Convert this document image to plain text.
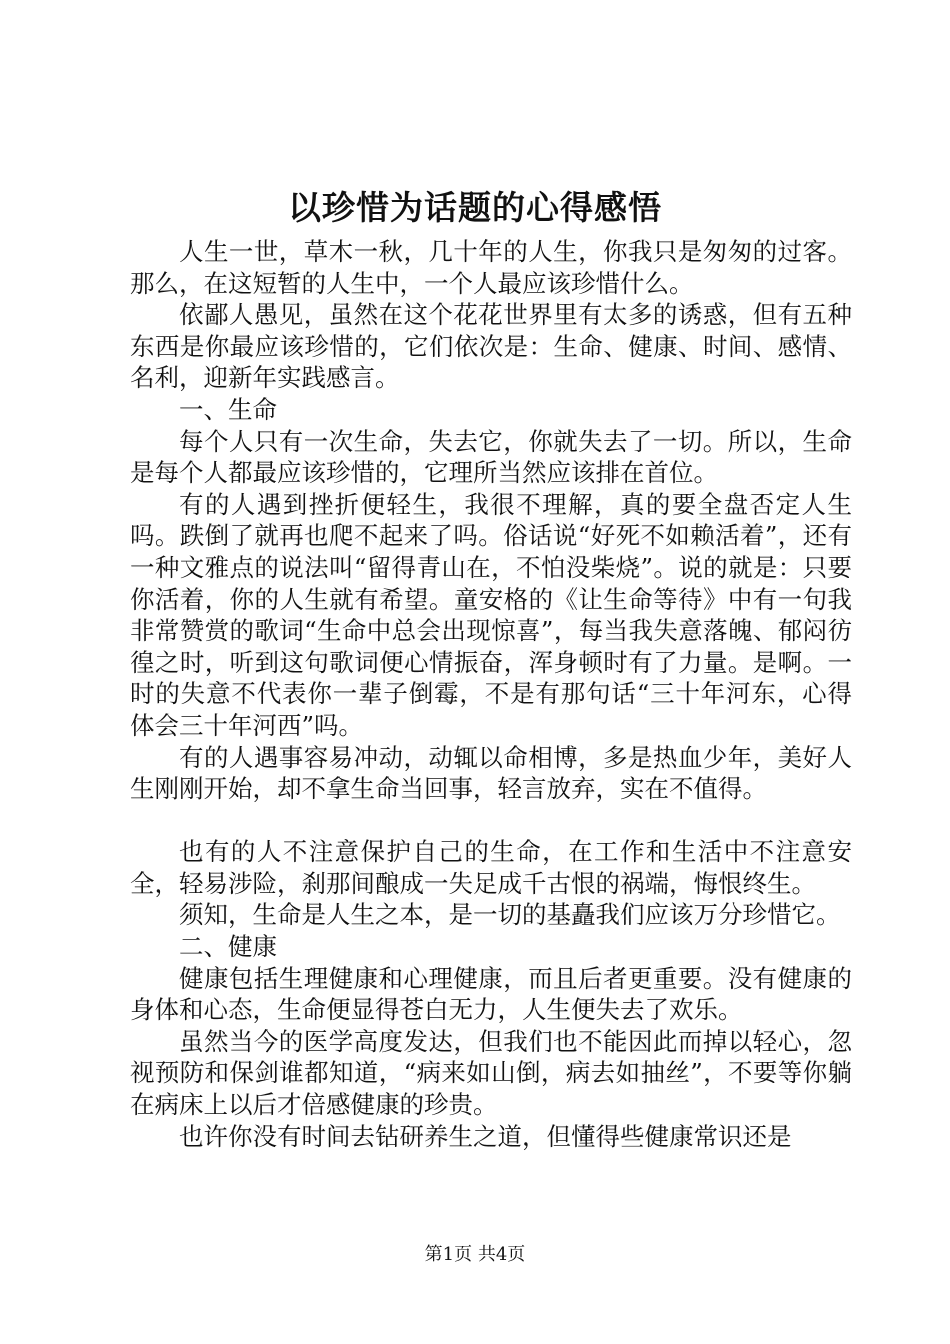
以珍惜为话题的心得感悟

人生一世，草木一秋，几十年的人生，你我只是匆匆的过客。那么，在这短暂的人生中，一个人最应该珍惜什么。

依鄙人愚见，虽然在这个花花世界里有太多的诱惑，但有五种东西是你最应该珍惜的，它们依次是：生命、健康、时间、感情、名利，迎新年实践感言。

一、生命

每个人只有一次生命，失去它，你就失去了一切。所以，生命是每个人都最应该珍惜的，它理所当然应该排在首位。

有的人遇到挫折便轻生，我很不理解，真的要全盘否定人生吗。跌倒了就再也爬不起来了吗。俗话说“好死不如赖活着”，还有一种文雅点的说法叫“留得青山在，不怕没柴烧”。说的就是：只要你活着，你的人生就有希望。童安格的《让生命等待》中有一句我非常赞赏的歌词“生命中总会出现惊喜”，每当我失意落魄、郁闷彷徨之时，听到这句歌词便心情振奋，浑身顿时有了力量。是啊。一时的失意不代表你一辈子倒霉，不是有那句话“三十年河东，心得体会三十年河西”吗。

有的人遇事容易冲动，动辄以命相博，多是热血少年，美好人生刚刚开始，却不拿生命当回事，轻言放弃，实在不值得。

也有的人不注意保护自己的生命，在工作和生活中不注意安全，轻易涉险，刹那间酿成一失足成千古恨的祸端，悔恨终生。

须知，生命是人生之本，是一切的基矗我们应该万分珍惜它。

二、健康

健康包括生理健康和心理健康，而且后者更重要。没有健康的身体和心态，生命便显得苍白无力，人生便失去了欢乐。

虽然当今的医学高度发达，但我们也不能因此而掉以轻心，忽视预防和保剑谁都知道，“病来如山倒，病去如抽丝”，不要等你躺在病床上以后才倍感健康的珍贵。

也许你没有时间去钻研养生之道，但懂得些健康常识还是

第1页 共4页
